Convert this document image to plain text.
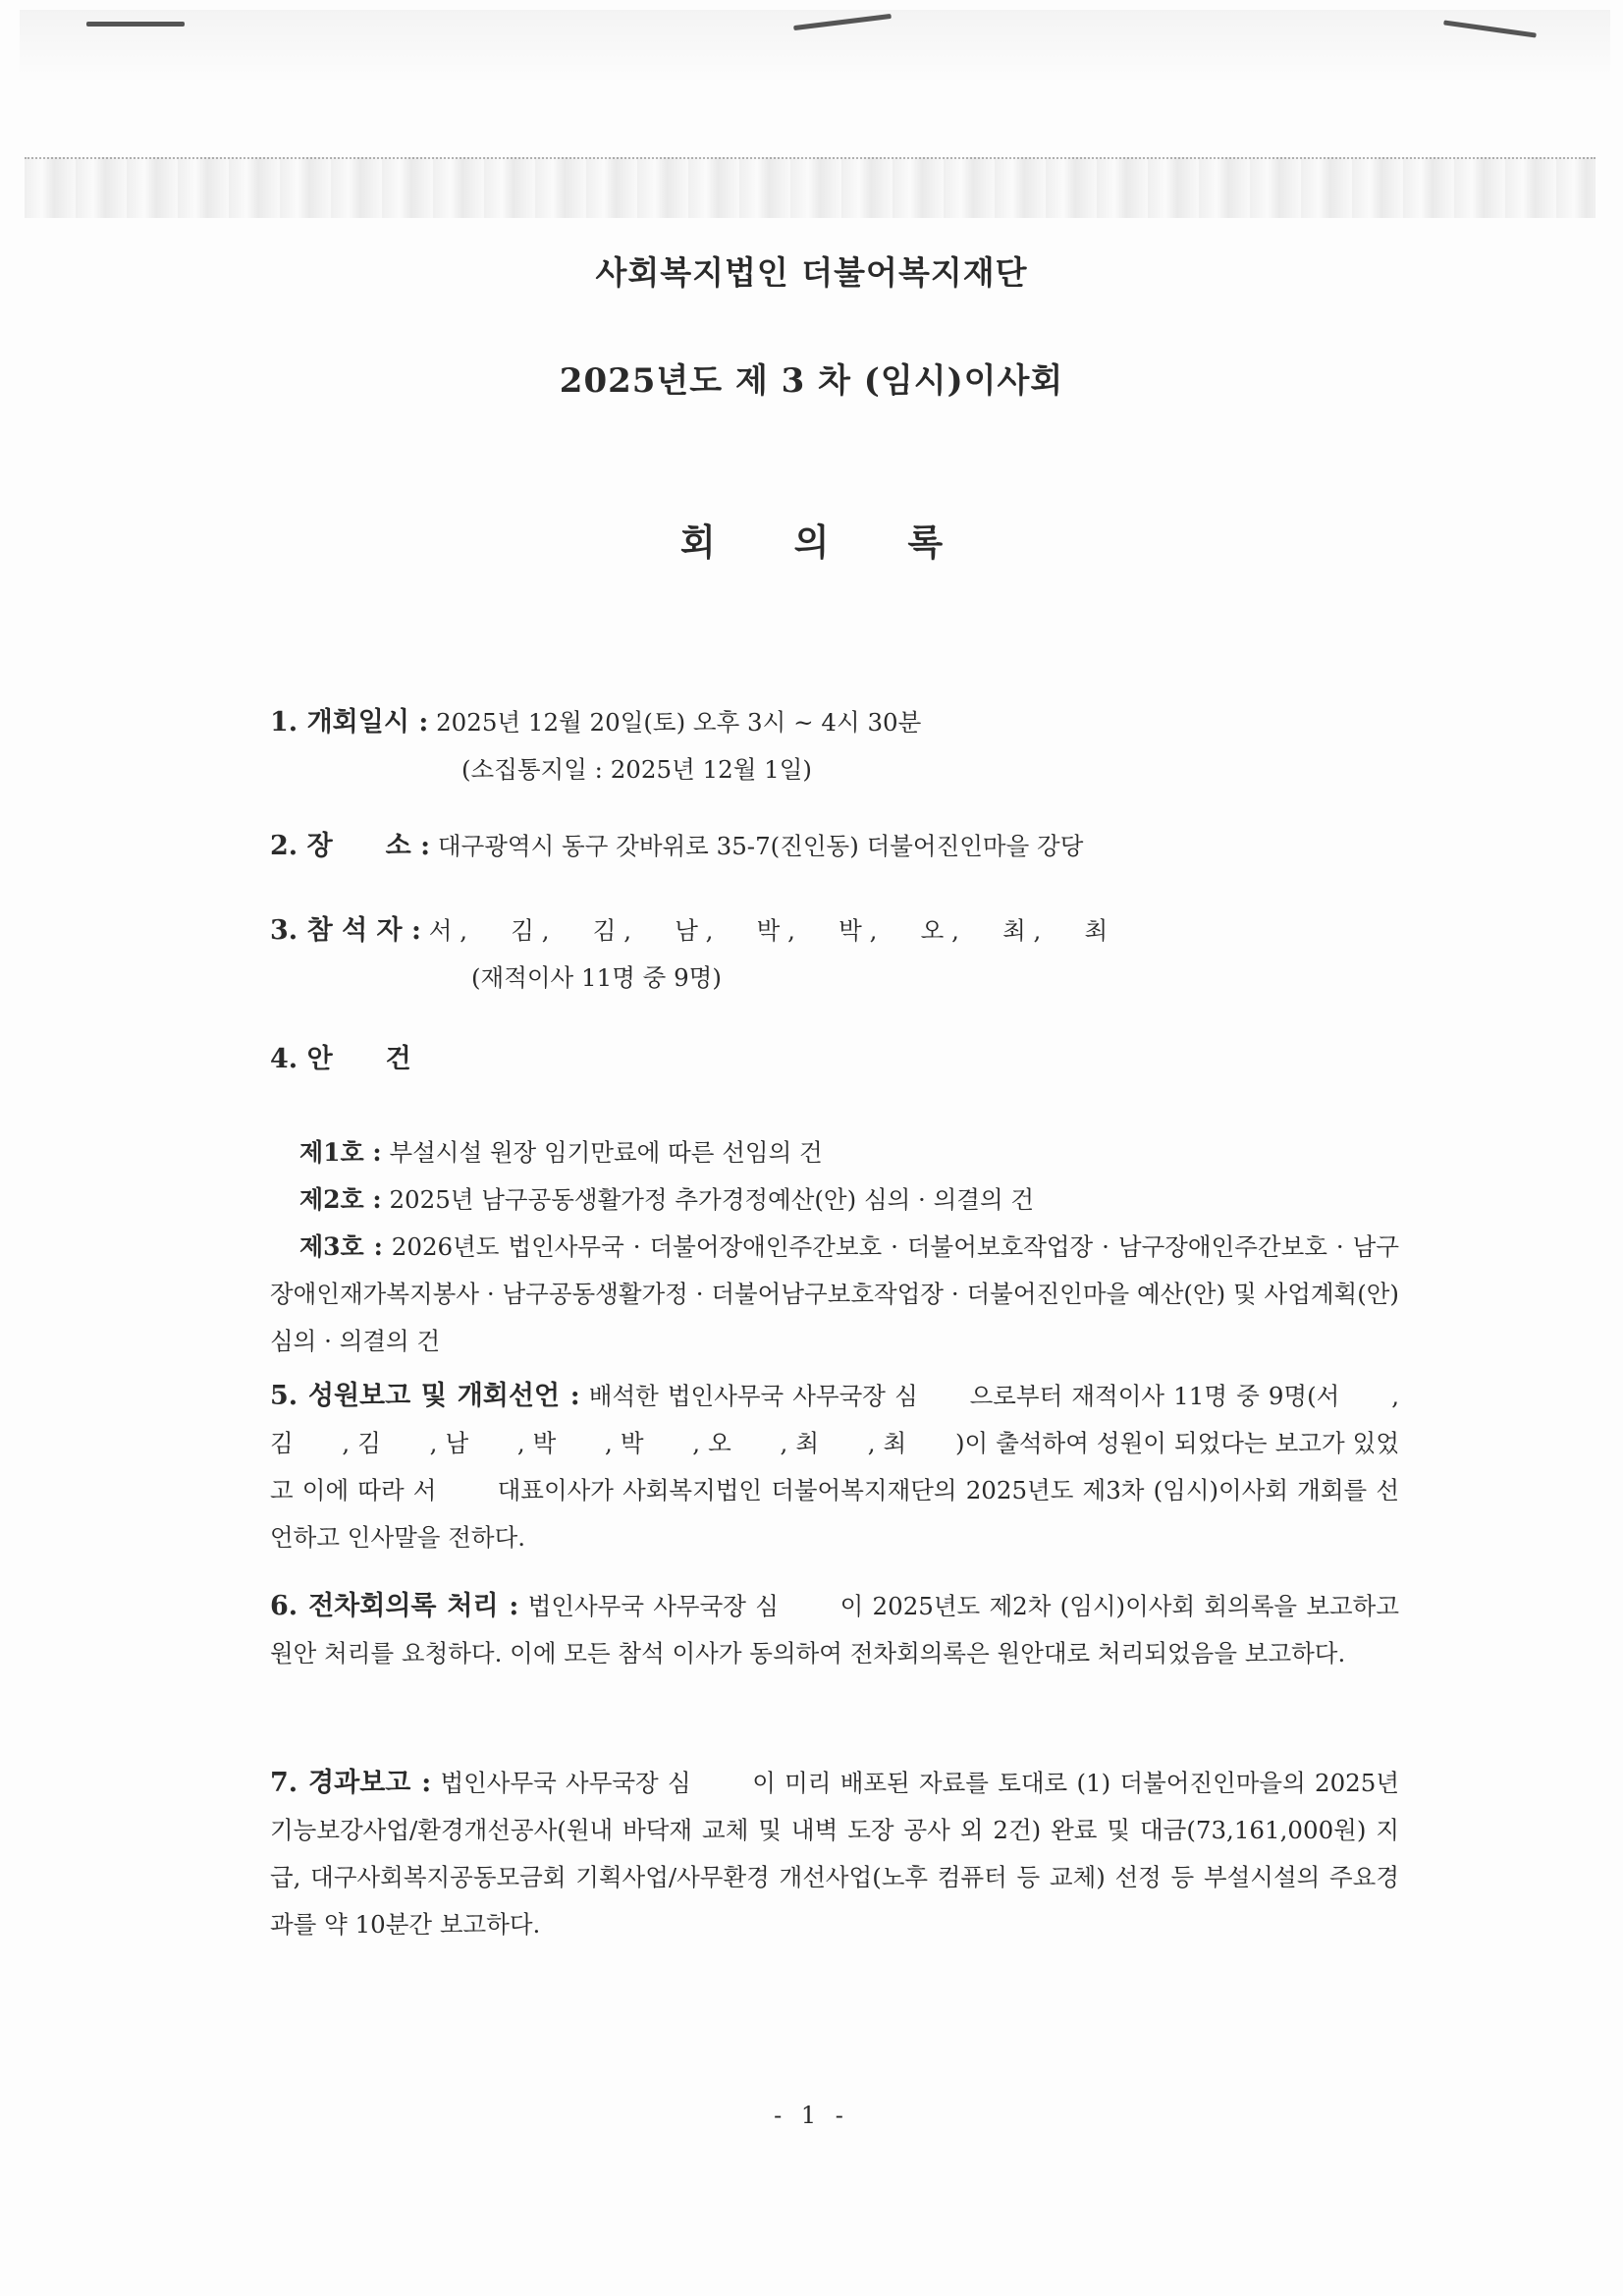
사회복지법인 더불어복지재단
2025년도 제 3 차 (임시)이사회
회 의 록
1. 개회일시 : 2025년 12월 20일(토) 오후 3시 ~ 4시 30분
(소집통지일 : 2025년 12월 1일)
2. 장　　소 : 대구광역시 동구 갓바위로 35-7(진인동) 더불어진인마을 강당
3. 참 석 자 : 서 , 김 , 김 , 남 , 박 , 박 , 오 , 최 , 최
(재적이사 11명 중 9명)
4. 안　　건
제1호 : 부설시설 원장 임기만료에 따른 선임의 건
제2호 : 2025년 남구공동생활가정 추가경정예산(안) 심의 · 의결의 건
제3호 : 2026년도 법인사무국 · 더불어장애인주간보호 · 더불어보호작업장 · 남구장애인주간보호 · 남구장애인재가복지봉사 · 남구공동생활가정 · 더불어남구보호작업장 · 더불어진인마을 예산(안) 및 사업계획(안) 심의 · 의결의 건
5. 성원보고 및 개회선언 : 배석한 법인사무국 사무국장 심　　으로부터 재적이사 11명 중 9명(서　　, 김　　, 김　　, 남　　, 박　　, 박　　, 오　　, 최　　, 최　　)이 출석하여 성원이 되었다는 보고가 있었고 이에 따라 서　　 대표이사가 사회복지법인 더불어복지재단의 2025년도 제3차 (임시)이사회 개회를 선언하고 인사말을 전하다.
6. 전차회의록 처리 : 법인사무국 사무국장 심　　 이 2025년도 제2차 (임시)이사회 회의록을 보고하고 원안 처리를 요청하다. 이에 모든 참석 이사가 동의하여 전차회의록은 원안대로 처리되었음을 보고하다.
7. 경과보고 : 법인사무국 사무국장 심　　 이 미리 배포된 자료를 토대로 (1) 더불어진인마을의 2025년 기능보강사업/환경개선공사(원내 바닥재 교체 및 내벽 도장 공사 외 2건) 완료 및 대금(73,161,000원) 지급, 대구사회복지공동모금회 기획사업/사무환경 개선사업(노후 컴퓨터 등 교체) 선정 등 부설시설의 주요경과를 약 10분간 보고하다.
- 1 -
